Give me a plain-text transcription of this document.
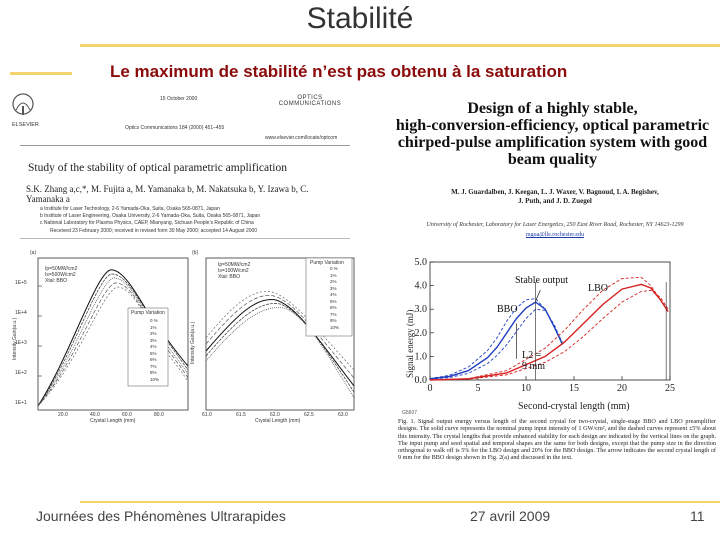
Stabilité
Le maximum de stabilité n’est pas obtenu à la saturation
ELSEVIER
15 October 2000	OPTICS COMMUNICATIONS
Optics Communications 184 (2000) 451–455
www.elsevier.com/locate/optcom
Study of the stability of optical parametric amplification
S.K. Zhang a,c,*, M. Fujita a, M. Yamanaka b, M. Nakatsuka b, Y. Izawa b, C. Yamanaka a
a Institute for Laser Technology, 2-6 Yamada-Oka, Suita, Osaka 565-0871, Japan
b Institute of Laser Engineering, Osaka University, 2-6 Yamada-Oka, Suita, Osaka 565-0871, Japan
c National Laboratory for Plasma Physics, CAEP, Mianyang, Sichuan People’s Republic of China
Received 23 February 2000; received in revised form 30 May 2000; accepted 14 August 2000
(a)
Intensity Gain(a.u.)
1E+5
1E+4
1E+3
1E+2
1E+1
20.0	40.0	60.0	80.0
Crystal Length (mm)
Ip=50MW/cm2
Is=500W/cm2
Xtal: BBO
Pump Variation
0 %
1%
2%
3%
4%
5%
6%
7%
8%
10%
(b)
Intensity Gain(a.u.)
61.0	61.5	62.0	62.5	63.0
Crystal Length (mm)
Ip=50MW/cm2
Is=100W/cm2
Xtal: BBO
Pump Variation
0 %
1%
2%
3%
4%
5%
6%
7%
8%
10%
Design of a highly stable,
high-conversion-efficiency, optical parametric
chirped-pulse amplification system with good
beam quality
M. J. Guardalben, J. Keegan, L. J. Waxer, V. Bagnoud, I. A. Begishev,
J. Puth, and J. D. Zuegel
University of Rochester, Laboratory for Laser Energetics, 250 East River Road, Rochester, NY 14623-1299
mgua@lle.rochester.edu
0	5	10	15	20	25
0.0
1.0
2.0
3.0
4.0
5.0
Stable output
LBO
BBO
L2 =
9 mm
Signal energy (mJ)
Second-crystal length (mm)
G5607
Fig. 1. Signal output energy versus length of the second crystal for two-crystal, single-stage BBO and LBO preamplifier designs. The solid curve represents the nominal pump input intensity of 1 GW/cm², and the dashed curves represent ±5% about this intensity. The crystal lengths that provide enhanced stability for each design are indicated by the vertical lines on the graph. The input pump and seed spatial and temporal shapes are the same for both designs, except that the pump size in the direction orthogonal to walk off is 5% for the LBO design and 20% for the BBO design. The arrow indicates the second crystal length of 9 mm for the BBO design shown in Fig. 2(a) and discussed in the text.
Journées des Phénomènes Ultrarapides	27 avril 2009	11
